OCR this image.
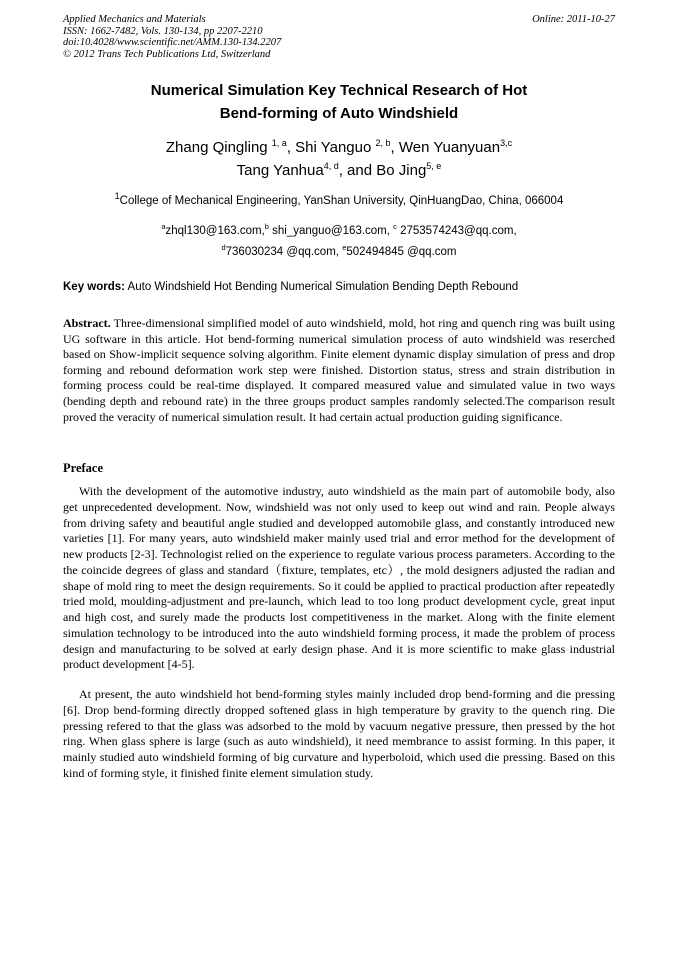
Applied Mechanics and Materials
ISSN: 1662-7482, Vols. 130-134, pp 2207-2210
doi:10.4028/www.scientific.net/AMM.130-134.2207
© 2012 Trans Tech Publications Ltd, Switzerland
Online: 2011-10-27
Numerical Simulation Key Technical Research of Hot
Bend-forming of Auto Windshield
Zhang Qingling $^{1, a}$, Shi Yanguo $^{2, b}$, Wen Yuanyuan$^{3,c}$
Tang Yanhua$^{4, d}$, and Bo Jing$^{5, e}$
$^1$College of Mechanical Engineering, YanShan University, QinHuangDao, China, 066004
$^a$zhql130@163.com,$^b$ shi_yanguo@163.com, $^c$ 2753574243@qq.com,
$^d$736030234 @qq.com, $^e$502494845 @qq.com
Key words: Auto Windshield Hot Bending Numerical Simulation Bending Depth Rebound
Abstract. Three-dimensional simplified model of auto windshield, mold, hot ring and quench ring was built using UG software in this article. Hot bend-forming numerical simulation process of auto windshield was reserched based on Show-implicit sequence solving algorithm. Finite element dynamic display simulation of press and drop forming and rebound deformation work step were finished. Distortion status, stress and strain distribution in forming process could be real-time displayed. It compared measured value and simulated value in two ways (bending depth and rebound rate) in the three groups product samples randomly selected.The comparison result proved the veracity of numerical simulation result. It had certain actual production guiding significance.
Preface

With the development of the automotive industry, auto windshield as the main part of automobile body, also get unprecedented development. Now, windshield was not only used to keep out wind and rain. People always from driving safety and beautiful angle studied and developped automobile glass, and constantly introduced new varieties [1]. For many years, auto windshield maker mainly used trial and error method for the development of new products [2-3]. Technologist relied on the experience to regulate various process parameters. According to the the coincide degrees of glass and standard（fixture, templates, etc）, the mold designers adjusted the radian and shape of mold ring to meet the design requirements. So it could be applied to practical production after repeatedly tried mold, moulding-adjustment and pre-launch, which lead to too long product development cycle, great input and high cost, and surely made the products lost competitiveness in the market. Along with the finite element simulation technology to be introduced into the auto windshield forming process, it made the problem of process design and manufacturing to be solved at early design phase. And it is more scientific to make glass industrial product development [4-5].

At present, the auto windshield hot bend-forming styles mainly included drop bend-forming and die pressing [6]. Drop bend-forming directly dropped softened glass in high temperature by gravity to the quench ring. Die pressing refered to that the glass was adsorbed to the mold by vacuum negative pressure, then pressed by the hot ring. When glass sphere is large (such as auto windshield), it need membrance to assist forming. In this paper, it mainly studied auto windshield forming of big curvature and hyperboloid, which used die pressing. Based on this kind of forming style, it finished finite element simulation study.
